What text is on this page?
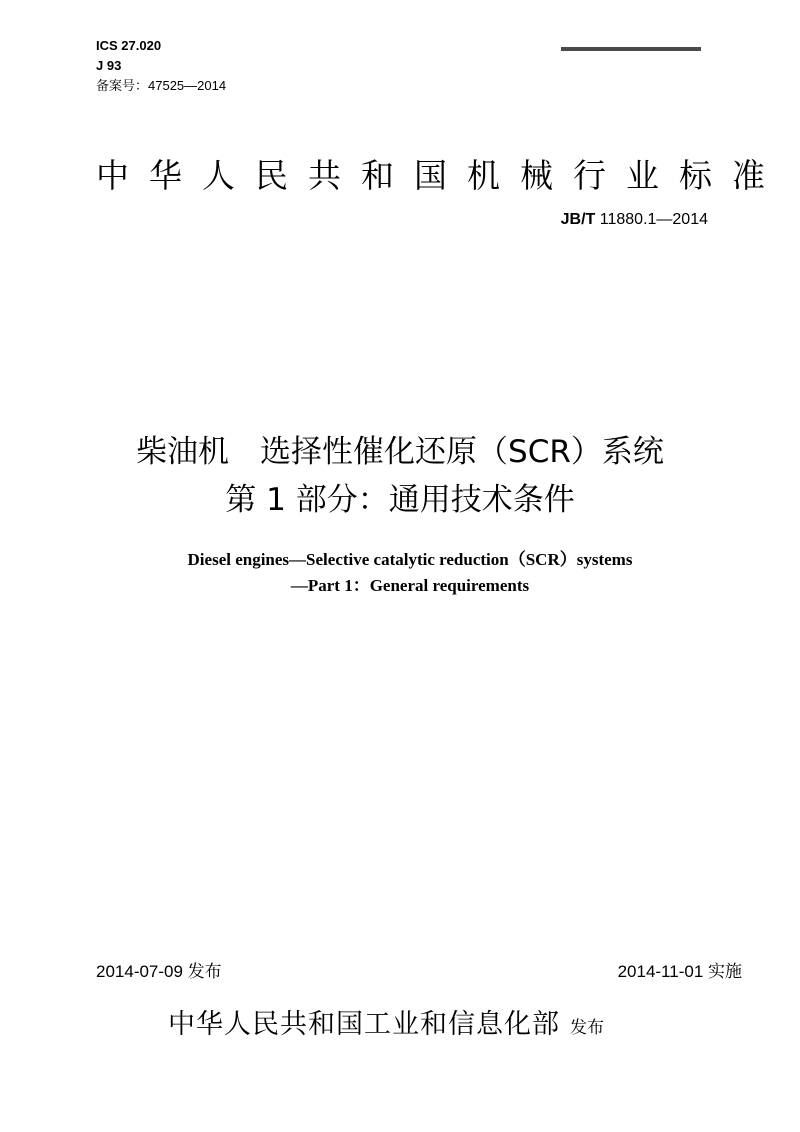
ICS 27.020
J 93
备案号：47525—2014
中华人民共和国机械行业标准
JB/T 11880.1—2014
柴油机　选择性催化还原（SCR）系统
第 1 部分：通用技术条件
Diesel engines—Selective catalytic reduction（SCR）systems
—Part 1：General requirements
2014-07-09 发布	2014-11-01 实施
中华人民共和国工业和信息化部 发布
